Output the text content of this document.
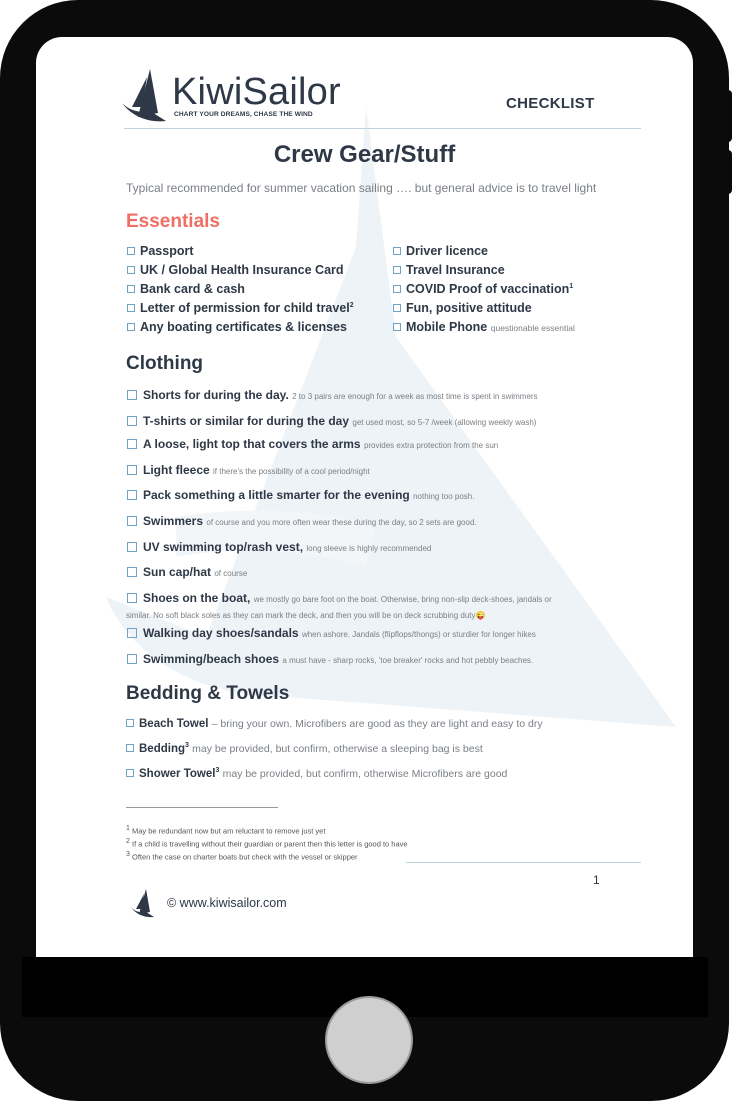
KiwiSailor
CHART YOUR DREAMS, CHASE THE WIND
CHECKLIST
Crew Gear/Stuff
Typical recommended for summer vacation sailing …. but general advice is to travel light
Essentials
Passport
UK / Global Health Insurance Card
Bank card & cash
Letter of permission for child travel$^2$
Any boating certificates & licenses
Driver licence
Travel Insurance
COVID Proof of vaccination$^1$
Fun, positive attitude
Mobile Phone questionable essential
Clothing
Shorts for during the day. 2 to 3 pairs are enough for a week as most time is spent in swimmers
T-shirts or similar for during the day get used most, so 5-7 /week (allowing weekly wash)
A loose, light top that covers the arms provides extra protection from the sun
Light fleece if there's the possibility of a cool period/night
Pack something a little smarter for the evening nothing too posh.
Swimmers of course and you more often wear these during the day, so 2 sets are good.
UV swimming top/rash vest, long sleeve is highly recommended
Sun cap/hat of course
Shoes on the boat, we mostly go bare foot on the boat. Otherwise, bring non-slip deck-shoes, jandals or
similar. No soft black soles as they can mark the deck, and then you will be on deck scrubbing duty😜
Walking day shoes/sandals when ashore. Jandals (flipflops/thongs) or sturdier for longer hikes
Swimming/beach shoes a must have - sharp rocks, 'toe breaker' rocks and hot pebbly beaches.
Bedding & Towels
Beach Towel – bring your own. Microfibers are good as they are light and easy to dry
Bedding$^3$ may be provided, but confirm, otherwise a sleeping bag is best
Shower Towel$^3$ may be provided, but confirm, otherwise Microfibers are good
$^1$ May be redundant now but am reluctant to remove just yet
$^2$ If a child is travelling without their guardian or parent then this letter is good to have
$^3$ Often the case on charter boats but check with the vessel or skipper
1
© www.kiwisailor.com
